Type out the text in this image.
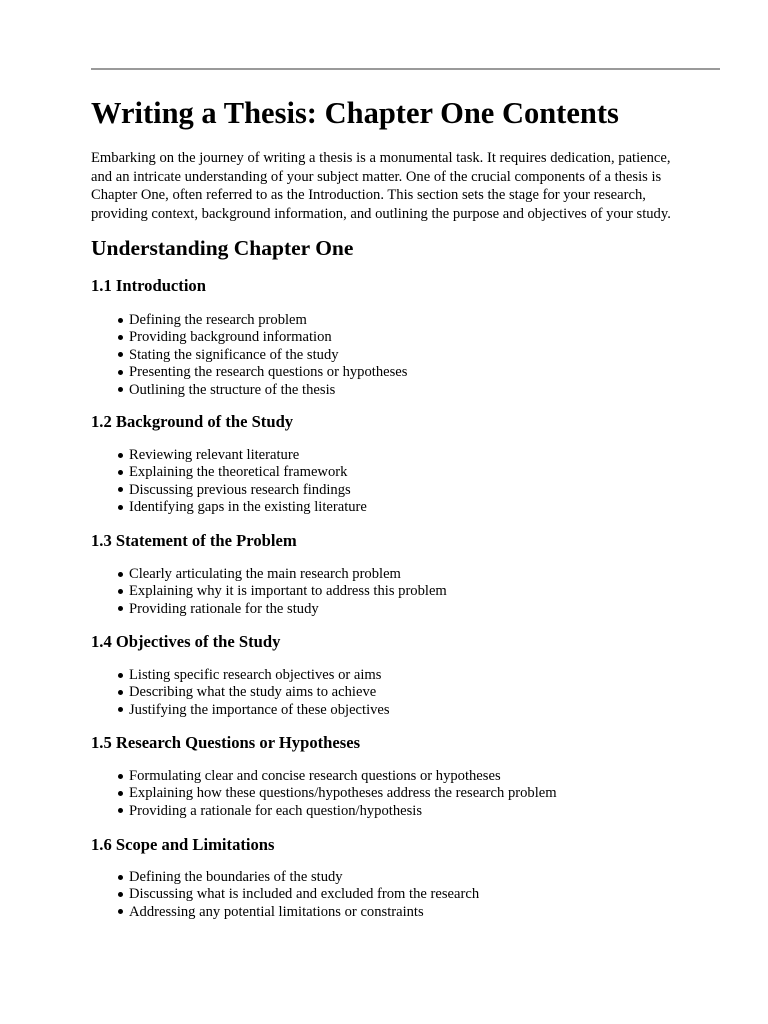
Writing a Thesis: Chapter One Contents

Embarking on the journey of writing a thesis is a monumental task. It requires dedication, patience,
and an intricate understanding of your subject matter. One of the crucial components of a thesis is
Chapter One, often referred to as the Introduction. This section sets the stage for your research,
providing context, background information, and outlining the purpose and objectives of your study.

Understanding Chapter One
1.1 Introduction
Defining the research problem
Providing background information
Stating the significance of the study
Presenting the research questions or hypotheses
Outlining the structure of the thesis
1.2 Background of the Study
Reviewing relevant literature
Explaining the theoretical framework
Discussing previous research findings
Identifying gaps in the existing literature
1.3 Statement of the Problem
Clearly articulating the main research problem
Explaining why it is important to address this problem
Providing rationale for the study
1.4 Objectives of the Study
Listing specific research objectives or aims
Describing what the study aims to achieve
Justifying the importance of these objectives
1.5 Research Questions or Hypotheses
Formulating clear and concise research questions or hypotheses
Explaining how these questions/hypotheses address the research problem
Providing a rationale for each question/hypothesis
1.6 Scope and Limitations
Defining the boundaries of the study
Discussing what is included and excluded from the research
Addressing any potential limitations or constraints
